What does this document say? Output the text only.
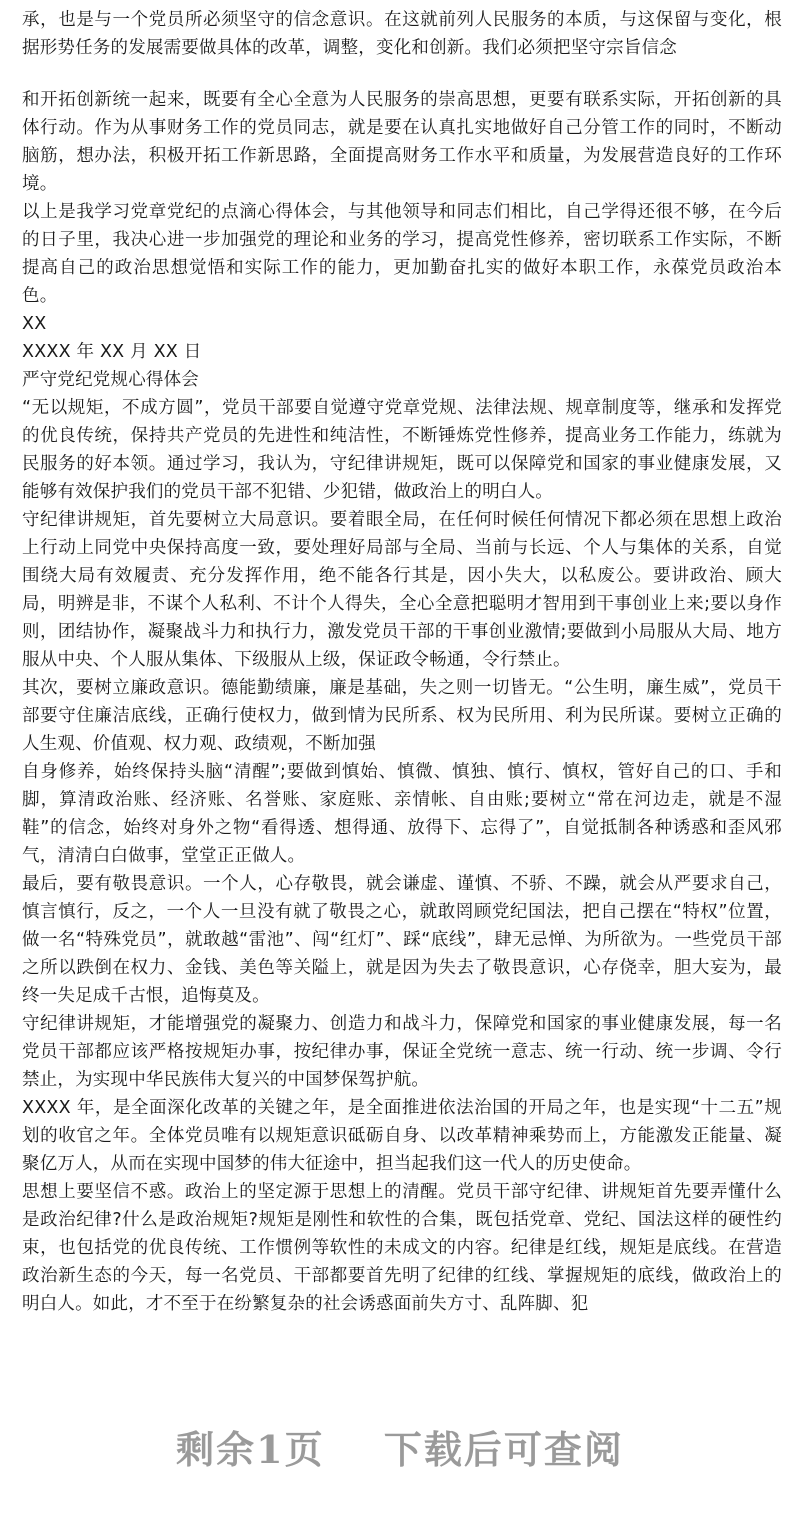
承，也是与一个党员所必须坚守的信念意识。在这就前列人民服务的本质，与这保留与变化，根据形势任务的发展需要做具体的改革，调整，变化和创新。我们必须把坚守宗旨信念

和开拓创新统一起来，既要有全心全意为人民服务的崇高思想，更要有联系实际，开拓创新的具体行动。作为从事财务工作的党员同志，就是要在认真扎实地做好自己分管工作的同时，不断动脑筋，想办法，积极开拓工作新思路，全面提高财务工作水平和质量，为发展营造良好的工作环境。

以上是我学习党章党纪的点滴心得体会，与其他领导和同志们相比，自己学得还很不够，在今后的日子里，我决心进一步加强党的理论和业务的学习，提高党性修养，密切联系工作实际，不断提高自己的政治思想觉悟和实际工作的能力，更加勤奋扎实的做好本职工作，永葆党员政治本色。

XX

XXXX 年 XX 月 XX 日

严守党纪党规心得体会

“无以规矩，不成方圆”，党员干部要自觉遵守党章党规、法律法规、规章制度等，继承和发挥党的优良传统，保持共产党员的先进性和纯洁性，不断锤炼党性修养，提高业务工作能力，练就为民服务的好本领。通过学习，我认为，守纪律讲规矩，既可以保障党和国家的事业健康发展，又能够有效保护我们的党员干部不犯错、少犯错，做政治上的明白人。

守纪律讲规矩，首先要树立大局意识。要着眼全局，在任何时候任何情况下都必须在思想上政治上行动上同党中央保持高度一致，要处理好局部与全局、当前与长远、个人与集体的关系，自觉围绕大局有效履责、充分发挥作用，绝不能各行其是，因小失大，以私废公。要讲政治、顾大局，明辨是非，不谋个人私利、不计个人得失，全心全意把聪明才智用到干事创业上来;要以身作则，团结协作，凝聚战斗力和执行力，激发党员干部的干事创业激情;要做到小局服从大局、地方服从中央、个人服从集体、下级服从上级，保证政令畅通，令行禁止。

其次，要树立廉政意识。德能勤绩廉，廉是基础，失之则一切皆无。“公生明，廉生威”，党员干部要守住廉洁底线，正确行使权力，做到情为民所系、权为民所用、利为民所谋。要树立正确的人生观、价值观、权力观、政绩观，不断加强

自身修养，始终保持头脑“清醒”;要做到慎始、慎微、慎独、慎行、慎权，管好自己的口、手和脚，算清政治账、经济账、名誉账、家庭账、亲情帐、自由账;要树立“常在河边走，就是不湿鞋”的信念，始终对身外之物“看得透、想得通、放得下、忘得了”，自觉抵制各种诱惑和歪风邪气，清清白白做事，堂堂正正做人。

最后，要有敬畏意识。一个人，心存敬畏，就会谦虚、谨慎、不骄、不躁，就会从严要求自己，慎言慎行，反之，一个人一旦没有就了敬畏之心，就敢罔顾党纪国法，把自己摆在“特权”位置，做一名“特殊党员”，就敢越“雷池”、闯“红灯”、踩“底线”，肆无忌惮、为所欲为。一些党员干部之所以跌倒在权力、金钱、美色等关隘上，就是因为失去了敬畏意识，心存侥幸，胆大妄为，最终一失足成千古恨，追悔莫及。

守纪律讲规矩，才能增强党的凝聚力、创造力和战斗力，保障党和国家的事业健康发展，每一名党员干部都应该严格按规矩办事，按纪律办事，保证全党统一意志、统一行动、统一步调、令行禁止，为实现中华民族伟大复兴的中国梦保驾护航。

XXXX 年，是全面深化改革的关键之年，是全面推进依法治国的开局之年，也是实现“十二五”规划的收官之年。全体党员唯有以规矩意识砥砺自身、以改革精神乘势而上，方能激发正能量、凝聚亿万人，从而在实现中国梦的伟大征途中，担当起我们这一代人的历史使命。

思想上要坚信不惑。政治上的坚定源于思想上的清醒。党员干部守纪律、讲规矩首先要弄懂什么是政治纪律?什么是政治规矩?规矩是刚性和软性的合集，既包括党章、党纪、国法这样的硬性约束，也包括党的优良传统、工作惯例等软性的未成文的内容。纪律是红线，规矩是底线。在营造政治新生态的今天，每一名党员、干部都要首先明了纪律的红线、掌握规矩的底线，做政治上的明白人。如此，才不至于在纷繁复杂的社会诱惑面前失方寸、乱阵脚、犯

剩余1页 下载后可查阅
